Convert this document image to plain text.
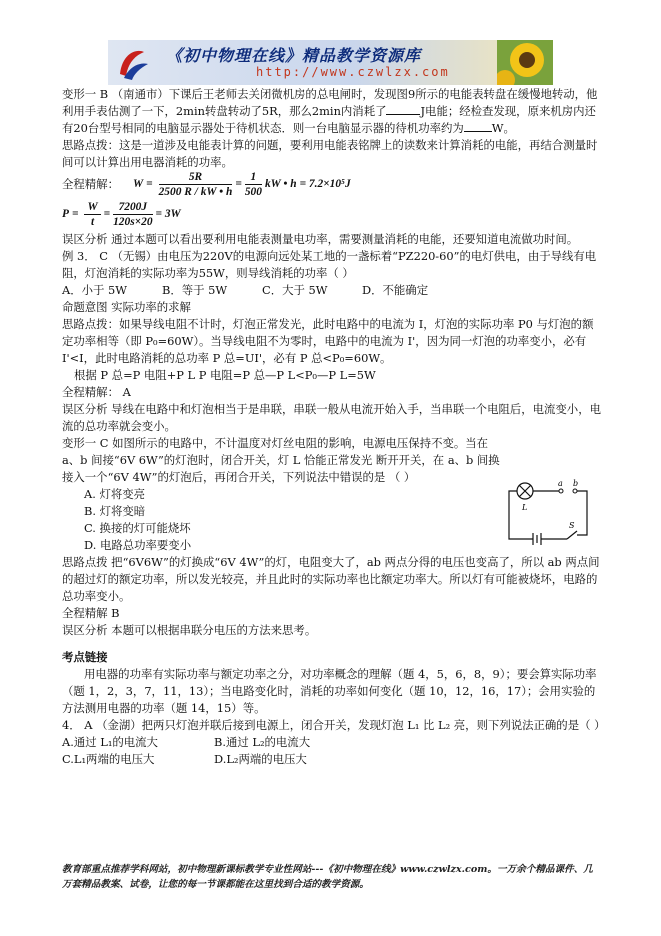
《初中物理在线》精品教学资源库
http://www.czwlzx.com

变形一 B （南通市）下课后王老师去关闭微机房的总电闸时，发现图9所示的电能表转盘在缓慢地转动，他利用手表估测了一下，2min转盘转动了5R，那么2min内消耗了	J电能；经检查发现，原来机房内还有20台型号相同的电脑显示器处于待机状态．则一台电脑显示器的待机功率约为 W。

思路点拨：这是一道涉及电能表计算的问题，要利用电能表铭牌上的读数来计算消耗的电能，再结合测量时间可以计算出用电器消耗的功率。

全程精解： $W = \frac{5R}{2500 R / kW • h} = \frac{1}{500}$ kW • h = 7.2×10⁵J
$P = \frac{W}{t} = \frac{7200J}{120s\times 20} = 3W$

误区分析 通过本题可以看出要利用电能表测量电功率，需要测量消耗的电能，还要知道电流做功时间。

例 3． C （无锡）由电压为220V的电源向远处某工地的一盏标着“PZ220-60”的电灯供电，由于导线有电阻，灯泡消耗的实际功率为55W，则导线消耗的功率（ ）

A．小于 5W	B．等于 5W	C．大于 5W	D．不能确定

命题意图 实际功率的求解

思路点拨：如果导线电阻不计时，灯泡正常发光，此时电路中的电流为 I，灯泡的实际功率 P0 与灯泡的额定功率相等（即 P₀=60W）。当导线电阻不为零时，电路中的电流为 I'，因为同一灯泡的功率变小，必有 I'<I，此时电路消耗的总功率 P 总=UI'，必有 P 总<P₀=60W。

根据 P 总=P 电阻+P L P 电阻=P 总—P L<P₀—P L=5W

全程精解： A

误区分析 导线在电路中和灯泡相当于是串联，串联一般从电流开始入手，当串联一个电阻后，电流变小，电流的总功率就会变小。

变形一 C 如图所示的电路中，不计温度对灯丝电阻的影响，电源电压保持不变。当在 a、b 间接“6V 6W”的灯泡时，闭合开关，灯 L 恰能正常发光 断开开关，在 a、b 间换接入一个“6V 4W”的灯泡后，再闭合开关，下列说法中错误的是 （ ）

A. 灯将变亮

B. 灯将变暗

C. 换接的灯可能烧坏

D. 电路总功率要变小

思路点拨 把“6V6W”的灯换成“6V 4W”的灯，电阻变大了，ab 两点分得的电压也变高了，所以 ab 两点间的超过灯的额定功率，所以发光较亮，并且此时的实际功率也比额定功率大。所以灯有可能被烧坏，电路的总功率变小。

全程精解 B

误区分析 本题可以根据串联分电压的方法来思考。

考点链接

用电器的功率有实际功率与额定功率之分，对功率概念的理解（题 4，5，6，8，9）；要会算实际功率（题 1，2，3，7，11，13）；当电路变化时，消耗的功率如何变化（题 10，12，16，17）；会用实验的方法测用电器的功率（题 14，15）等。

4． A （金湖）把两只灯泡并联后接到电源上，闭合开关，发现灯泡 L₁ 比 L₂ 亮，则下列说法正确的是（ ）

A.通过 L₁的电流大	B.通过 L₂的电流大
C.L₁两端的电压大	D.L₂两端的电压大
a b
L
S
教育部重点推荐学科网站，初中物理新课标教学专业性网站---《初中物理在线》www.czwlzx.com。一万余个精品课件、几万套精品教案、试卷，让您的每一节课都能在这里找到合适的教学资源。
